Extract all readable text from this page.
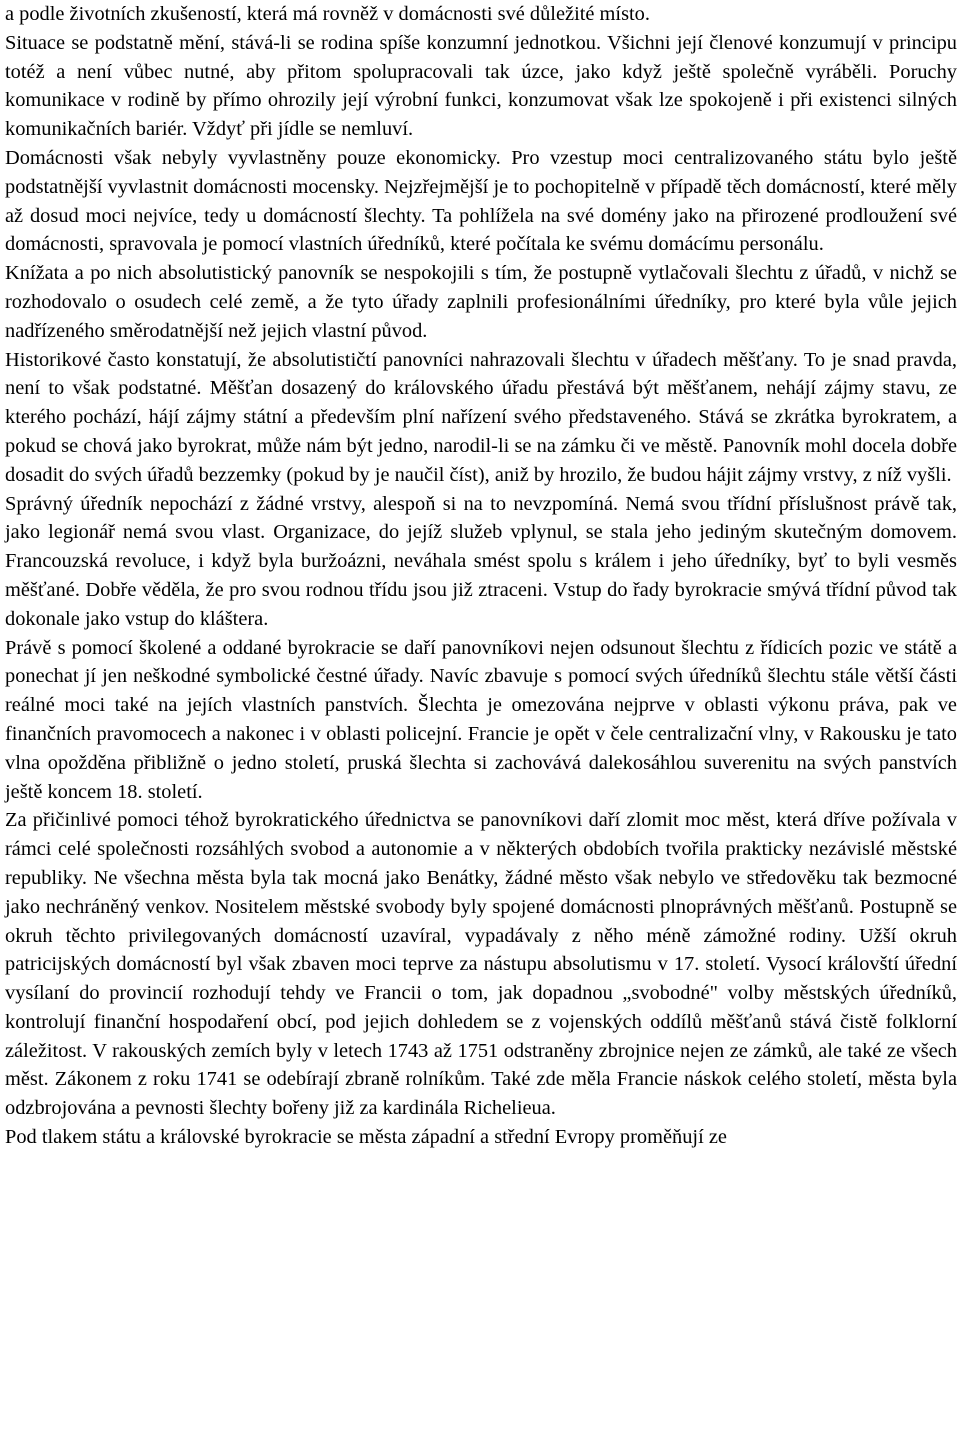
a podle životních zkušeností, která má rovněž v domácnosti své důležité místo.

Situace se podstatně mění, stává-li se rodina spíše konzumní jednotkou. Všichni její členové konzumují v principu totéž a není vůbec nutné, aby přitom spolupracovali tak úzce, jako když ještě společně vyráběli. Poruchy komunikace v rodině by přímo ohrozily její výrobní funkci, konzumovat však lze spokojeně i při existenci silných komunikačních bariér. Vždyť při jídle se nemluví.

Domácnosti však nebyly vyvlastněny pouze ekonomicky. Pro vzestup moci centralizovaného státu bylo ještě podstatnější vyvlastnit domácnosti mocensky. Nejzřejmější je to pochopitelně v případě těch domácností, které měly až dosud moci nejvíce, tedy u domácností šlechty. Ta pohlížela na své domény jako na přirozené prodloužení své domácnosti, spravovala je pomocí vlastních úředníků, které počítala ke svému domácímu personálu.

Knížata a po nich absolutistický panovník se nespokojili s tím, že postupně vytlačovali šlechtu z úřadů, v nichž se rozhodovalo o osudech celé země, a že tyto úřady zaplnili profesionálními úředníky, pro které byla vůle jejich nadřízeného směrodatnější než jejich vlastní původ.

Historikové často konstatují, že absolutističtí panovníci nahrazovali šlechtu v úřadech měšťany. To je snad pravda, není to však podstatné. Měšťan dosazený do královského úřadu přestává být měšťanem, nehájí zájmy stavu, ze kterého pochází, hájí zájmy státní a především plní nařízení svého představeného. Stává se zkrátka byrokratem, a pokud se chová jako byrokrat, může nám být jedno, narodil-li se na zámku či ve městě. Panovník mohl docela dobře dosadit do svých úřadů bezzemky (pokud by je naučil číst), aniž by hrozilo, že budou hájit zájmy vrstvy, z níž vyšli.

Správný úředník nepochází z žádné vrstvy, alespoň si na to nevzpomíná. Nemá svou třídní příslušnost právě tak, jako legionář nemá svou vlast. Organizace, do jejíž služeb vplynul, se stala jeho jediným skutečným domovem. Francouzská revoluce, i když byla buržoázni, neváhala smést spolu s králem i jeho úředníky, byť to byli vesměs měšťané. Dobře věděla, že pro svou rodnou třídu jsou již ztraceni. Vstup do řady byrokracie smývá třídní původ tak dokonale jako vstup do kláštera.

Právě s pomocí školené a oddané byrokracie se daří panovníkovi nejen odsunout šlechtu z řídicích pozic ve státě a ponechat jí jen neškodné symbolické čestné úřady. Navíc zbavuje s pomocí svých úředníků šlechtu stále větší části reálné moci také na jejích vlastních panstvích. Šlechta je omezována nejprve v oblasti výkonu práva, pak ve finančních pravomocech a nakonec i v oblasti policejní. Francie je opět v čele centralizační vlny, v Rakousku je tato vlna opožděna přibližně o jedno století, pruská šlechta si zachovává dalekosáhlou suverenitu na svých panstvích ještě koncem 18. století.

Za přičinlivé pomoci téhož byrokratického úřednictva se panovníkovi daří zlomit moc měst, která dříve požívala v rámci celé společnosti rozsáhlých svobod a autonomie a v některých obdobích tvořila prakticky nezávislé městské republiky. Ne všechna města byla tak mocná jako Benátky, žádné město však nebylo ve středověku tak bezmocné jako nechráněný venkov. Nositelem městské svobody byly spojené domácnosti plnoprávných měšťanů. Postupně se okruh těchto privilegovaných domácností uzavíral, vypadávaly z něho méně zámožné rodiny. Užší okruh patricijských domácností byl však zbaven moci teprve za nástupu absolutismu v 17. století. Vysocí královští úřední vysílaní do provincií rozhodují tehdy ve Francii o tom, jak dopadnou „svobodné" volby městských úředníků, kontrolují finanční hospodaření obcí, pod jejich dohledem se z vojenských oddílů měšťanů stává čistě folklorní záležitost. V rakouských zemích byly v letech 1743 až 1751 odstraněny zbrojnice nejen ze zámků, ale také ze všech měst. Zákonem z roku 1741 se odebírají zbraně rolníkům. Také zde měla Francie náskok celého století, města byla odzbrojována a pevnosti šlechty bořeny již za kardinála Richelieua.

Pod tlakem státu a královské byrokracie se města západní a střední Evropy proměňují ze
